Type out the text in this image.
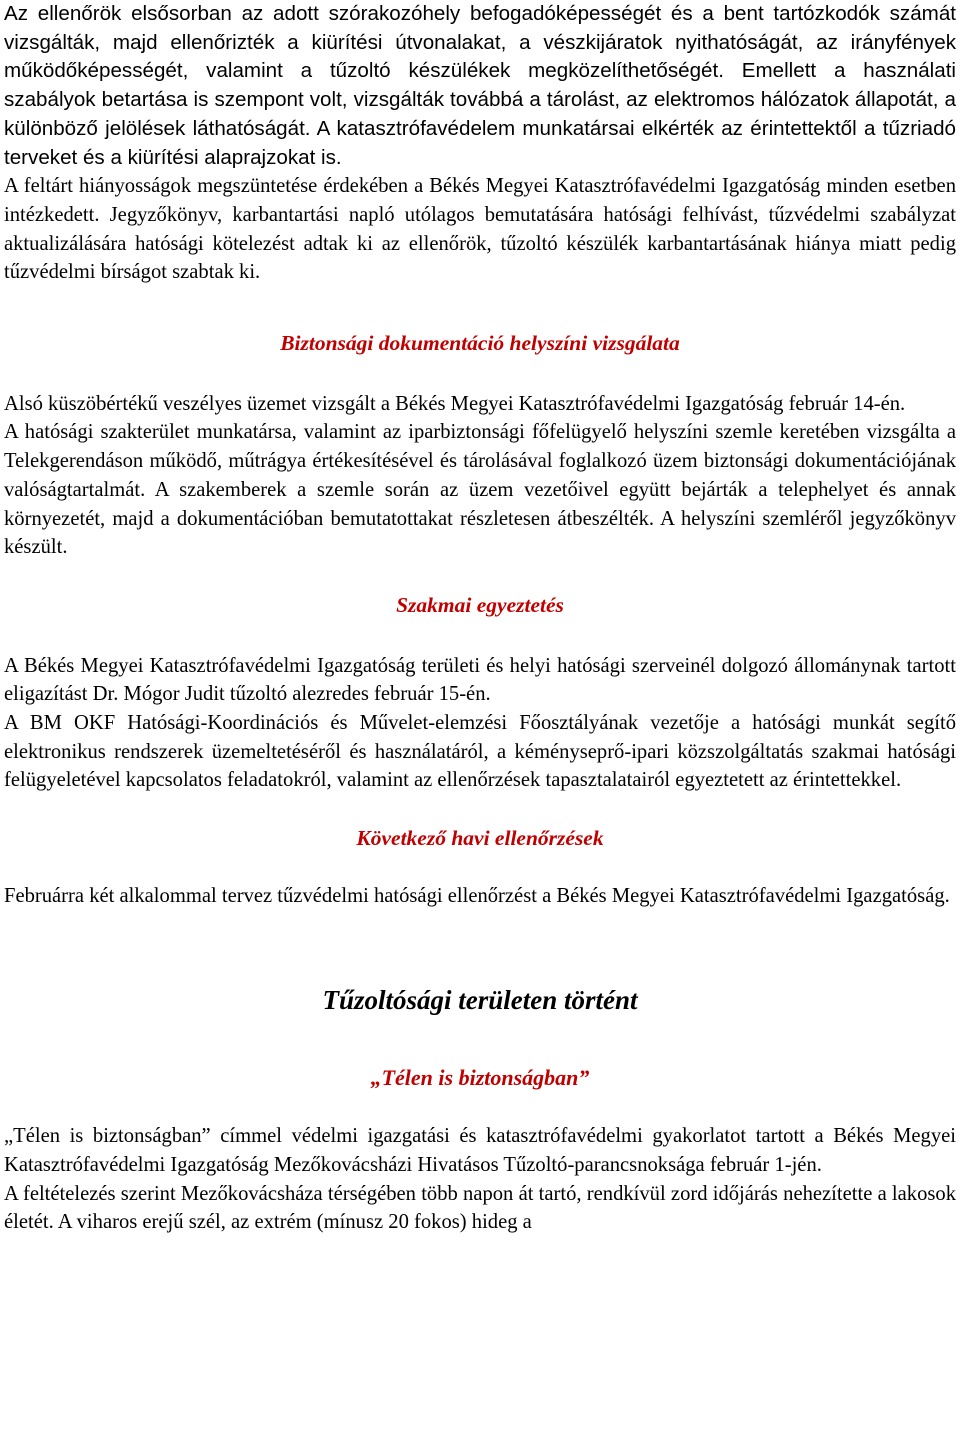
Az ellenőrök elsősorban az adott szórakozóhely befogadóképességét és a bent tartózkodók számát vizsgálták, majd ellenőrizték a kiürítési útvonalakat, a vészkijáratok nyithatóságát, az irányfények működőképességét, valamint a tűzoltó készülékek megközelíthetőségét. Emellett a használati szabályok betartása is szempont volt, vizsgálták továbbá a tárolást, az elektromos hálózatok állapotát, a különböző jelölések láthatóságát. A katasztrófavédelem munkatársai elkérték az érintettektől a tűzriadó terveket és a kiürítési alaprajzokat is.

A feltárt hiányosságok megszüntetése érdekében a Békés Megyei Katasztrófavédelmi Igazgatóság minden esetben intézkedett. Jegyzőkönyv, karbantartási napló utólagos bemutatására hatósági felhívást, tűzvédelmi szabályzat aktualizálására hatósági kötelezést adtak ki az ellenőrök, tűzoltó készülék karbantartásának hiánya miatt pedig tűzvédelmi bírságot szabtak ki.

Biztonsági dokumentáció helyszíni vizsgálata

Alsó küszöbértékű veszélyes üzemet vizsgált a Békés Megyei Katasztrófavédelmi Igazgatóság február 14-én.

A hatósági szakterület munkatársa, valamint az iparbiztonsági főfelügyelő helyszíni szemle keretében vizsgálta a Telekgerendáson működő, műtrágya értékesítésével és tárolásával foglalkozó üzem biztonsági dokumentációjának valóságtartalmát. A szakemberek a szemle során az üzem vezetőivel együtt bejárták a telephelyet és annak környezetét, majd a dokumentációban bemutatottakat részletesen átbeszélték. A helyszíni szemléről jegyzőkönyv készült.

Szakmai egyeztetés

A Békés Megyei Katasztrófavédelmi Igazgatóság területi és helyi hatósági szerveinél dolgozó állománynak tartott eligazítást Dr. Mógor Judit tűzoltó alezredes február 15-én.

A BM OKF Hatósági-Koordinációs és Művelet-elemzési Főosztályának vezetője a hatósági munkát segítő elektronikus rendszerek üzemeltetéséről és használatáról, a kéményseprő-ipari közszolgáltatás szakmai hatósági felügyeletével kapcsolatos feladatokról, valamint az ellenőrzések tapasztalatairól egyeztetett az érintettekkel.

Következő havi ellenőrzések

Februárra két alkalommal tervez tűzvédelmi hatósági ellenőrzést a Békés Megyei Katasztrófavédelmi Igazgatóság.

Tűzoltósági területen történt
„Télen is biztonságban”

„Télen is biztonságban” címmel védelmi igazgatási és katasztrófavédelmi gyakorlatot tartott a Békés Megyei Katasztrófavédelmi Igazgatóság Mezőkovácsházi Hivatásos Tűzoltó-parancsnoksága február 1-jén.

A feltételezés szerint Mezőkovácsháza térségében több napon át tartó, rendkívül zord időjárás nehezítette a lakosok életét. A viharos erejű szél, az extrém (mínusz 20 fokos) hideg a
